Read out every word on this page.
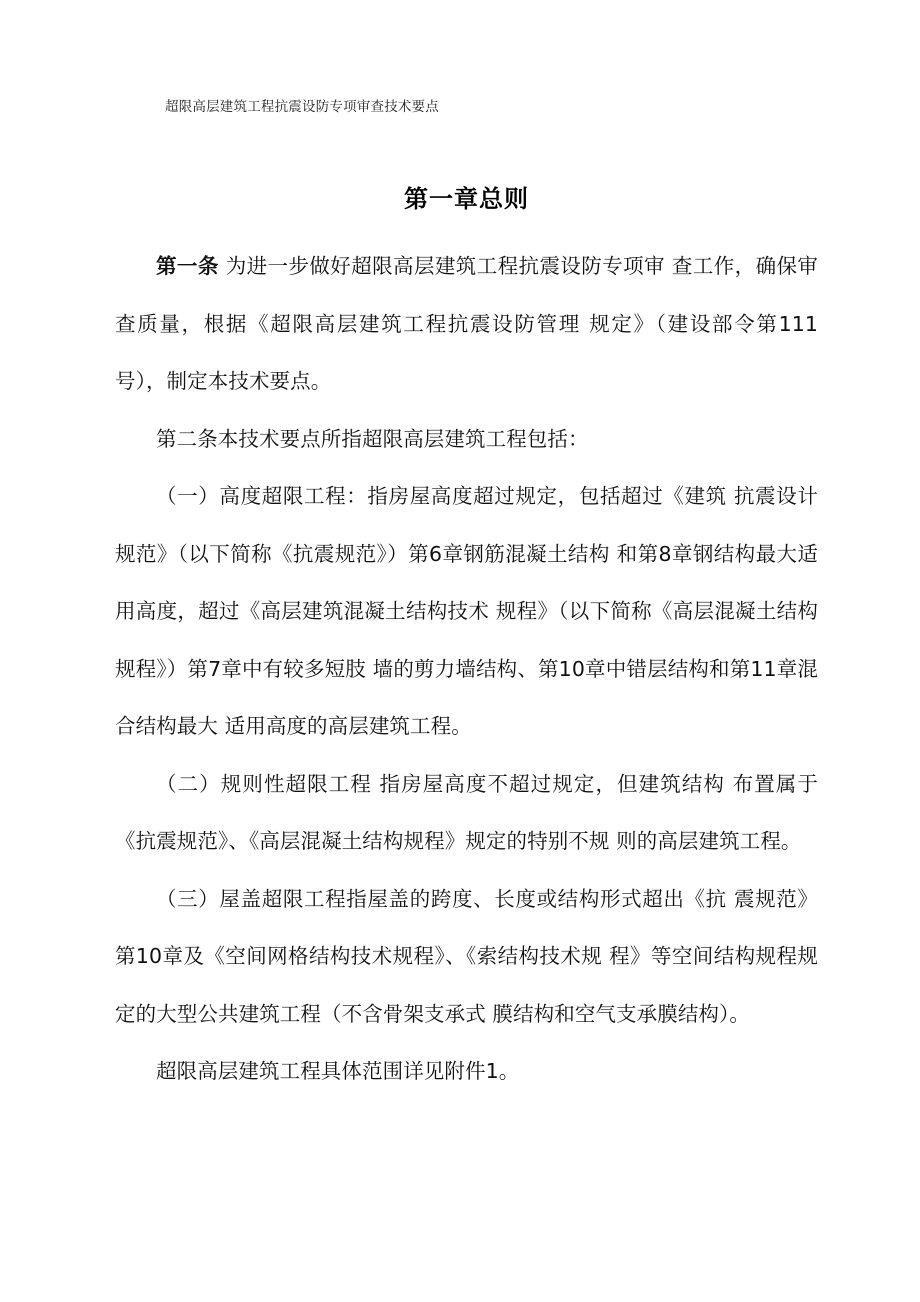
超限高层建筑工程抗震设防专项审查技术要点
第一章总则

第一条 为进一步做好超限高层建筑工程抗震设防专项审 查工作，确保审查质量，根据《超限高层建筑工程抗震设防管理 规定》（建设部令第111号），制定本技术要点。

第二条本技术要点所指超限高层建筑工程包括：

（一）高度超限工程：指房屋高度超过规定，包括超过《建筑 抗震设计规范》（以下简称《抗震规范》）第6章钢筋混凝土结构 和第8章钢结构最大适用高度，超过《高层建筑混凝土结构技术 规程》（以下简称《高层混凝土结构规程》）第7章中有较多短肢 墙的剪力墙结构、第10章中错层结构和第11章混合结构最大 适用高度的高层建筑工程。

（二）规则性超限工程 指房屋高度不超过规定，但建筑结构 布置属于《抗震规范》、《高层混凝土结构规程》规定的特别不规 则的高层建筑工程。

（三）屋盖超限工程指屋盖的跨度、长度或结构形式超出《抗 震规范》第10章及《空间网格结构技术规程》、《索结构技术规 程》等空间结构规程规定的大型公共建筑工程（不含骨架支承式 膜结构和空气支承膜结构）。

超限高层建筑工程具体范围详见附件1。
